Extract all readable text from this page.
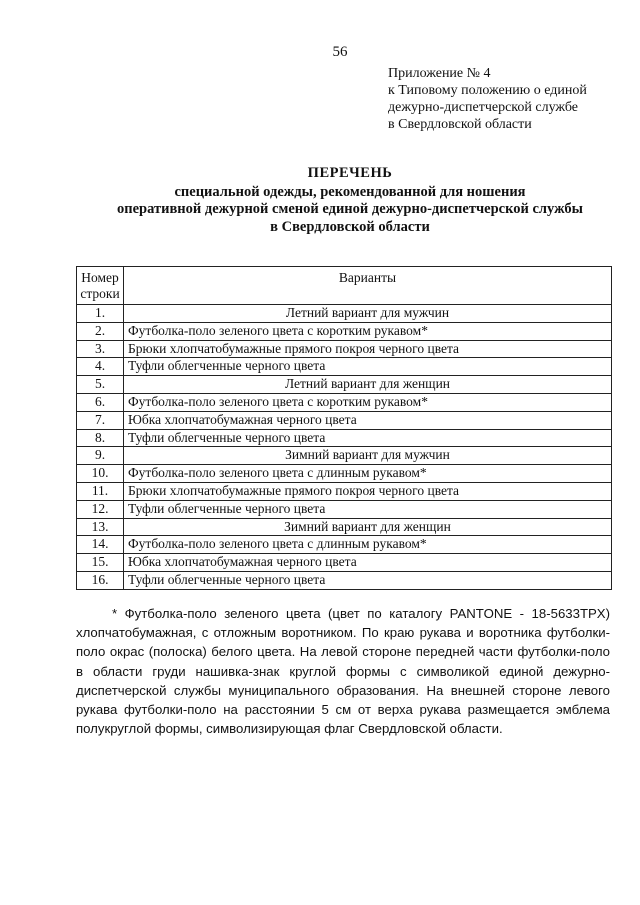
56
Приложение № 4
к Типовому положению о единой
дежурно-диспетчерской службе
в Свердловской области
ПЕРЕЧЕНЬ
специальной одежды, рекомендованной для ношения
оперативной дежурной сменой единой дежурно-диспетчерской службы
в Свердловской области
Номер
строки	Варианты
1.	Летний вариант для мужчин
2.	Футболка-поло зеленого цвета с коротким рукавом*
3.	Брюки хлопчатобумажные прямого покроя черного цвета
4.	Туфли облегченные черного цвета
5.	Летний вариант для женщин
6.	Футболка-поло зеленого цвета с коротким рукавом*
7.	Юбка хлопчатобумажная черного цвета
8.	Туфли облегченные черного цвета
9.	Зимний вариант для мужчин
10.	Футболка-поло зеленого цвета с длинным рукавом*
11.	Брюки хлопчатобумажные прямого покроя черного цвета
12.	Туфли облегченные черного цвета
13.	Зимний вариант для женщин
14.	Футболка-поло зеленого цвета с длинным рукавом*
15.	Юбка хлопчатобумажная черного цвета
16.	Туфли облегченные черного цвета

* Футболка-поло зеленого цвета (цвет по каталогу PANTONE - 18-5633TPX) хлопчатобумажная, с отложным воротником. По краю рукава и воротника футболки-поло окрас (полоска) белого цвета. На левой стороне передней части футболки-поло в области груди нашивка-знак круглой формы с символикой единой дежурно-диспетчерской службы муниципального образования. На внешней стороне левого рукава футболки-поло на расстоянии 5 см от верха рукава размещается эмблема полукруглой формы, символизирующая флаг Свердловской области.
